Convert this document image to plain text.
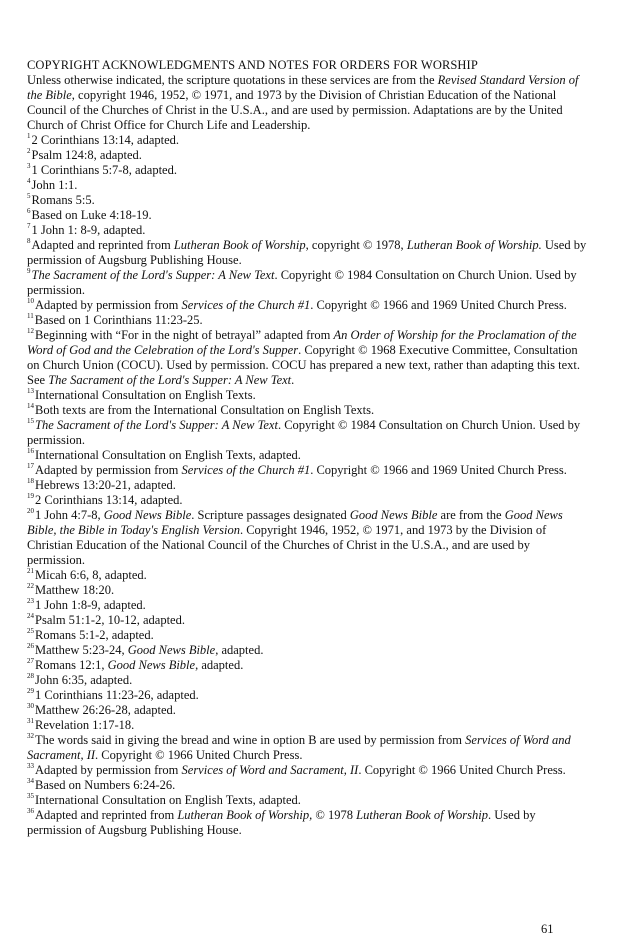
COPYRIGHT ACKNOWLEDGMENTS AND NOTES FOR ORDERS FOR WORSHIP

Unless otherwise indicated, the scripture quotations in these services are from the Revised Standard Version of the Bible, copyright 1946, 1952, © 1971, and 1973 by the Division of Christian Education of the National Council of the Churches of Christ in the U.S.A., and are used by permission. Adaptations are by the United Church of Christ Office for Church Life and Leadership.

$^1$2 Corinthians 13:14, adapted.

$^2$Psalm 124:8, adapted.

$^3$1 Corinthians 5:7-8, adapted.

$^4$John 1:1.

$^5$Romans 5:5.

$^6$Based on Luke 4:18-19.

$^7$1 John 1: 8-9, adapted.

$^8$Adapted and reprinted from Lutheran Book of Worship, copyright © 1978, Lutheran Book of Worship. Used by permission of Augsburg Publishing House.

$^9$The Sacrament of the Lord's Supper: A New Text. Copyright © 1984 Consultation on Church Union. Used by permission.

$^{10}$Adapted by permission from Services of the Church #1. Copyright © 1966 and 1969 United Church Press.

$^{11}$Based on 1 Corinthians 11:23-25.

$^{12}$Beginning with “For in the night of betrayal” adapted from An Order of Worship for the Proclamation of the Word of God and the Celebration of the Lord's Supper. Copyright © 1968 Executive Committee, Consultation on Church Union (COCU). Used by permission. COCU has prepared a new text, rather than adapting this text. See The Sacrament of the Lord's Supper: A New Text.

$^{13}$International Consultation on English Texts.

$^{14}$Both texts are from the International Consultation on English Texts.

$^{15}$The Sacrament of the Lord's Supper: A New Text. Copyright © 1984 Consultation on Church Union. Used by permission.

$^{16}$International Consultation on English Texts, adapted.

$^{17}$Adapted by permission from Services of the Church #1. Copyright © 1966 and 1969 United Church Press.

$^{18}$Hebrews 13:20-21, adapted.

$^{19}$2 Corinthians 13:14, adapted.

$^{20}$1 John 4:7-8, Good News Bible. Scripture passages designated Good News Bible are from the Good News Bible, the Bible in Today's English Version. Copyright 1946, 1952, © 1971, and 1973 by the Division of Christian Education of the National Council of the Churches of Christ in the U.S.A., and are used by permission.

$^{21}$Micah 6:6, 8, adapted.

$^{22}$Matthew 18:20.

$^{23}$1 John 1:8-9, adapted.

$^{24}$Psalm 51:1-2, 10-12, adapted.

$^{25}$Romans 5:1-2, adapted.

$^{26}$Matthew 5:23-24, Good News Bible, adapted.

$^{27}$Romans 12:1, Good News Bible, adapted.

$^{28}$John 6:35, adapted.

$^{29}$1 Corinthians 11:23-26, adapted.

$^{30}$Matthew 26:26-28, adapted.

$^{31}$Revelation 1:17-18.

$^{32}$The words said in giving the bread and wine in option B are used by permission from Services of Word and Sacrament, II. Copyright © 1966 United Church Press.

$^{33}$Adapted by permission from Services of Word and Sacrament, II. Copyright © 1966 United Church Press.

$^{34}$Based on Numbers 6:24-26.

$^{35}$International Consultation on English Texts, adapted.

$^{36}$Adapted and reprinted from Lutheran Book of Worship, © 1978 Lutheran Book of Worship. Used by permission of Augsburg Publishing House.

61
